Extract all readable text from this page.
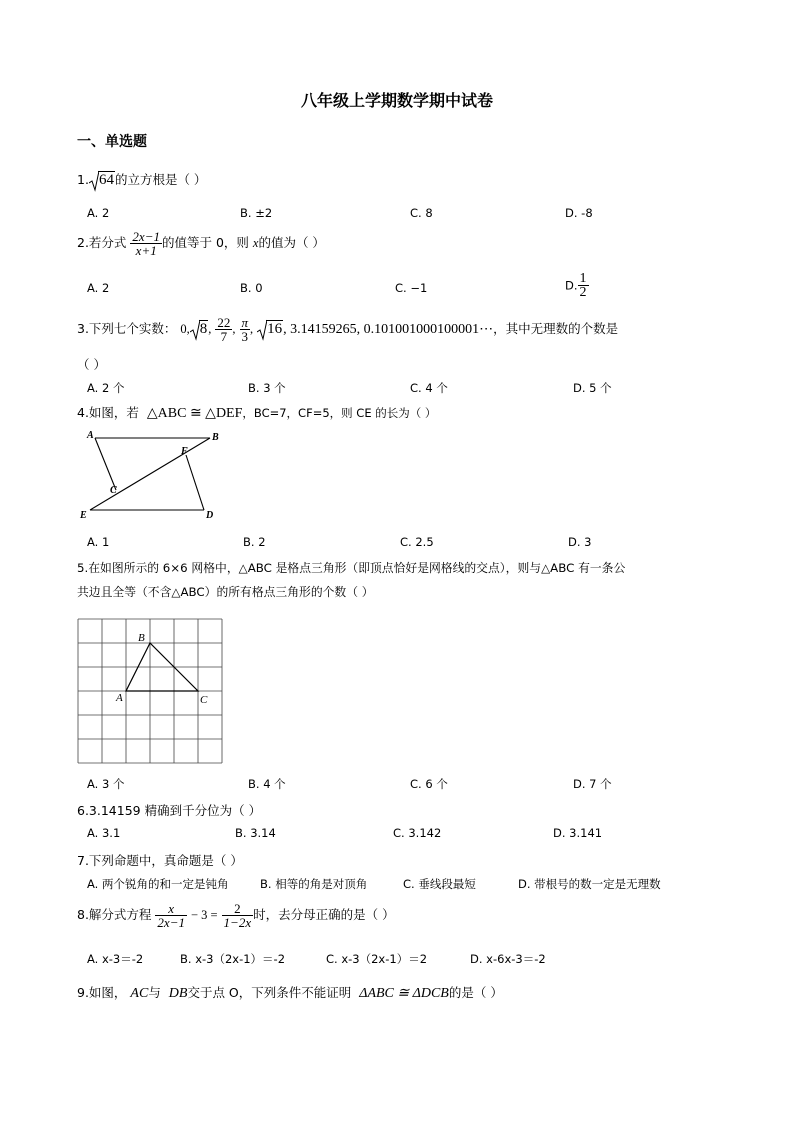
八年级上学期数学期中试卷
一、单选题
1. 64的立方根是（ ）
A. 2	B. ±2	C. 8	D. -8
2.若分式 $\frac{2x-1}{x+1}$ 的值等于 0，则 x的值为（ ）
A. 2	B. 0	C. −1	D. $\frac{1}{2}$
3.下列七个实数： 0, 8, $\frac{22}{7}$ , $\frac{\pi}{3}$ , 16, 3.14159265, 0.101001000100001⋯，其中无理数的个数是
（ ）
A. 2 个	B. 3 个	C. 4 个	D. 5 个
4.如图，若 △ABC ≅ △DEF，BC=7，CF=5，则 CE 的长为（ ）
A	B
C
D
E
F
A. 1	B. 2	C. 2.5	D. 3
5.在如图所示的 6×6 网格中，△ABC 是格点三角形（即顶点恰好是网格线的交点），则与△ABC 有一条公
共边且全等（不含△ABC）的所有格点三角形的个数（ ）
A
B
C
A. 3 个	B. 4 个	C. 6 个	D. 7 个
6.3.14159 精确到千分位为（ ）
A. 3.1	B. 3.14	C. 3.142	D. 3.141
7.下列命题中，真命题是（ ）
A. 两个锐角的和一定是钝角	B. 相等的角是对顶角	C. 垂线段最短	D. 带根号的数一定是无理数
8.解分式方程 $\frac{x}{2x-1} - 3 = \frac{2}{1-2x}$ 时，去分母正确的是（ ）
A. x-3＝-2	B. x-3（2x-1）＝-2	C. x-3（2x-1）＝2	D. x-6x-3＝-2
9.如图， AC与 DB交于点 O，下列条件不能证明 ΔABC ≅ ΔDCB的是（ ）
